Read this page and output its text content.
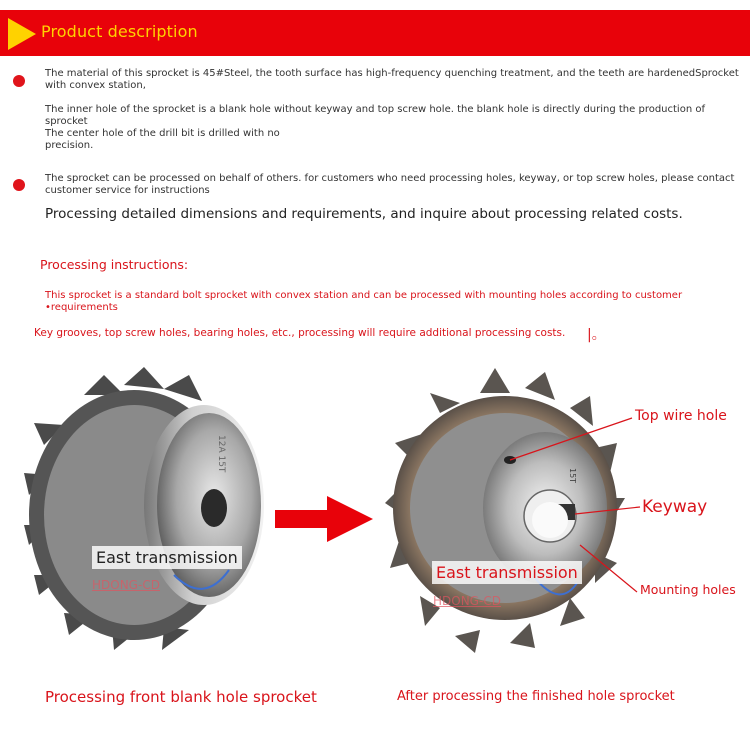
Product description
The material of this sprocket is 45#Steel, the tooth surface has high-frequency quenching treatment, and the teeth are hardenedSprocket
with convex station,
The inner hole of the sprocket is a blank hole without keyway and top screw hole. the blank hole is directly during the production of sprocket
The center hole of the drill bit is drilled with no
precision.
The sprocket can be processed on behalf of others. for customers who need processing holes, keyway, or top screw holes, please contact
customer service for instructions
Processing detailed dimensions and requirements, and inquire about processing related costs.
Processing instructions:
This sprocket is a standard bolt sprocket with convex station and can be processed with mounting holes according to customer
•requirements
Key grooves, top screw holes, bearing holes, etc., processing will require additional processing costs. |。
12A 15T
East transmission
HDONG-CD
15T
East transmission
HDONG-CD
Top wire hole
Keyway
Mounting holes
Processing front blank hole sprocket	After processing the finished hole sprocket
